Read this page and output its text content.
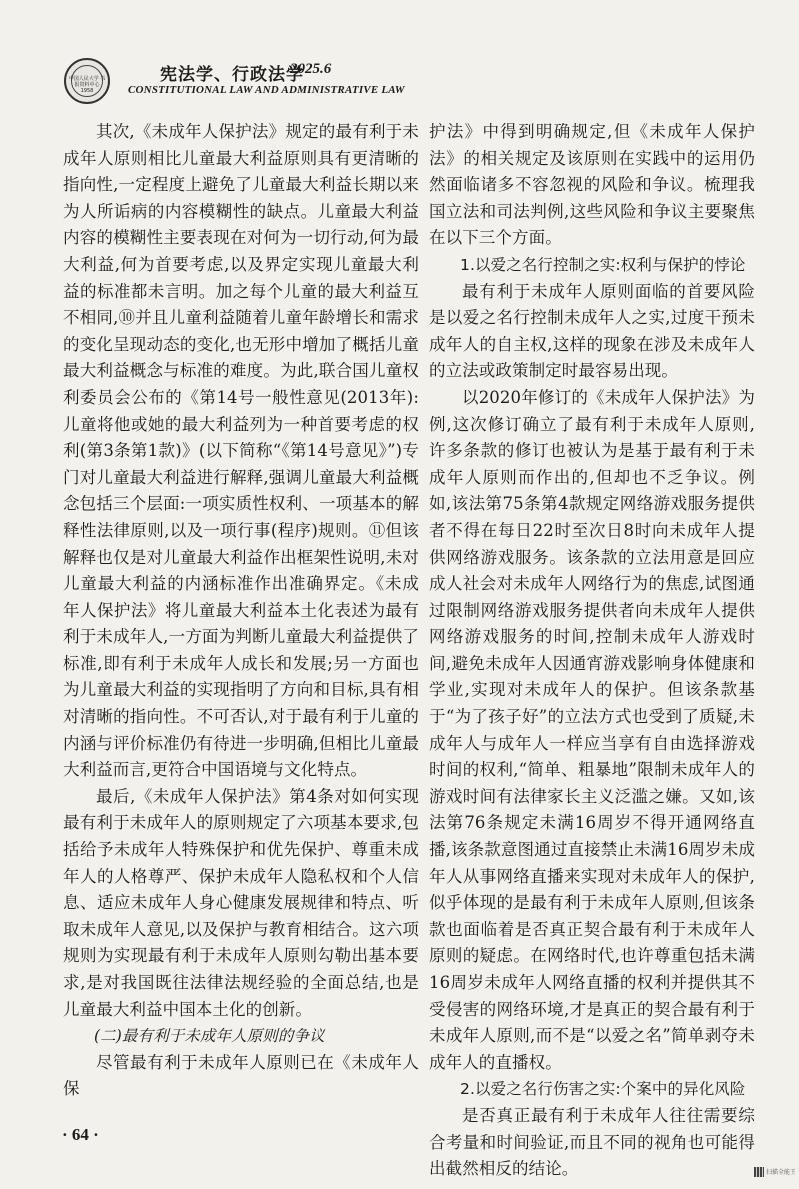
中国人民大学 书报资料中心 1958
宪法学、行政法学
2025.6
CONSTITUTIONAL LAW AND ADMINISTRATIVE LAW

其次,《未成年人保护法》规定的最有利于未成年人原则相比儿童最大利益原则具有更清晰的指向性,一定程度上避免了儿童最大利益长期以来为人所诟病的内容模糊性的缺点。儿童最大利益内容的模糊性主要表现在对何为一切行动,何为最大利益,何为首要考虑,以及界定实现儿童最大利益的标准都未言明。加之每个儿童的最大利益互不相同,⑩并且儿童利益随着儿童年龄增长和需求的变化呈现动态的变化,也无形中增加了概括儿童最大利益概念与标准的难度。为此,联合国儿童权利委员会公布的《第14号一般性意见(2013年):儿童将他或她的最大利益列为一种首要考虑的权利(第3条第1款)》(以下简称“《第14号意见》”)专门对儿童最大利益进行解释,强调儿童最大利益概念包括三个层面:一项实质性权利、一项基本的解释性法律原则,以及一项行事(程序)规则。⑪但该解释也仅是对儿童最大利益作出框架性说明,未对儿童最大利益的内涵标准作出准确界定。《未成年人保护法》将儿童最大利益本土化表述为最有利于未成年人,一方面为判断儿童最大利益提供了标准,即有利于未成年人成长和发展;另一方面也为儿童最大利益的实现指明了方向和目标,具有相对清晰的指向性。不可否认,对于最有利于儿童的内涵与评价标准仍有待进一步明确,但相比儿童最大利益而言,更符合中国语境与文化特点。

最后,《未成年人保护法》第4条对如何实现最有利于未成年人的原则规定了六项基本要求,包括给予未成年人特殊保护和优先保护、尊重未成年人的人格尊严、保护未成年人隐私权和个人信息、适应未成年人身心健康发展规律和特点、听取未成年人意见,以及保护与教育相结合。这六项规则为实现最有利于未成年人原则勾勒出基本要求,是对我国既往法律法规经验的全面总结,也是儿童最大利益中国本土化的创新。

(二)最有利于未成年人原则的争议

尽管最有利于未成年人原则已在《未成年人保

护法》中得到明确规定,但《未成年人保护法》的相关规定及该原则在实践中的运用仍然面临诸多不容忽视的风险和争议。梳理我国立法和司法判例,这些风险和争议主要聚焦在以下三个方面。

1.以爱之名行控制之实:权利与保护的悖论

最有利于未成年人原则面临的首要风险是以爱之名行控制未成年人之实,过度干预未成年人的自主权,这样的现象在涉及未成年人的立法或政策制定时最容易出现。

以2020年修订的《未成年人保护法》为例,这次修订确立了最有利于未成年人原则,许多条款的修订也被认为是基于最有利于未成年人原则而作出的,但却也不乏争议。例如,该法第75条第4款规定网络游戏服务提供者不得在每日22时至次日8时向未成年人提供网络游戏服务。该条款的立法用意是回应成人社会对未成年人网络行为的焦虑,试图通过限制网络游戏服务提供者向未成年人提供网络游戏服务的时间,控制未成年人游戏时间,避免未成年人因通宵游戏影响身体健康和学业,实现对未成年人的保护。但该条款基于“为了孩子好”的立法方式也受到了质疑,未成年人与成年人一样应当享有自由选择游戏时间的权利,“简单、粗暴地”限制未成年人的游戏时间有法律家长主义泛滥之嫌。又如,该法第76条规定未满16周岁不得开通网络直播,该条款意图通过直接禁止未满16周岁未成年人从事网络直播来实现对未成年人的保护,似乎体现的是最有利于未成年人原则,但该条款也面临着是否真正契合最有利于未成年人原则的疑虑。在网络时代,也许尊重包括未满16周岁未成年人网络直播的权利并提供其不受侵害的网络环境,才是真正的契合最有利于未成年人原则,而不是“以爱之名”简单剥夺未成年人的直播权。

2.以爱之名行伤害之实:个案中的异化风险

是否真正最有利于未成年人往往需要综合考量和时间验证,而且不同的视角也可能得出截然相反的结论。

· 64 ·
扫描全能王
